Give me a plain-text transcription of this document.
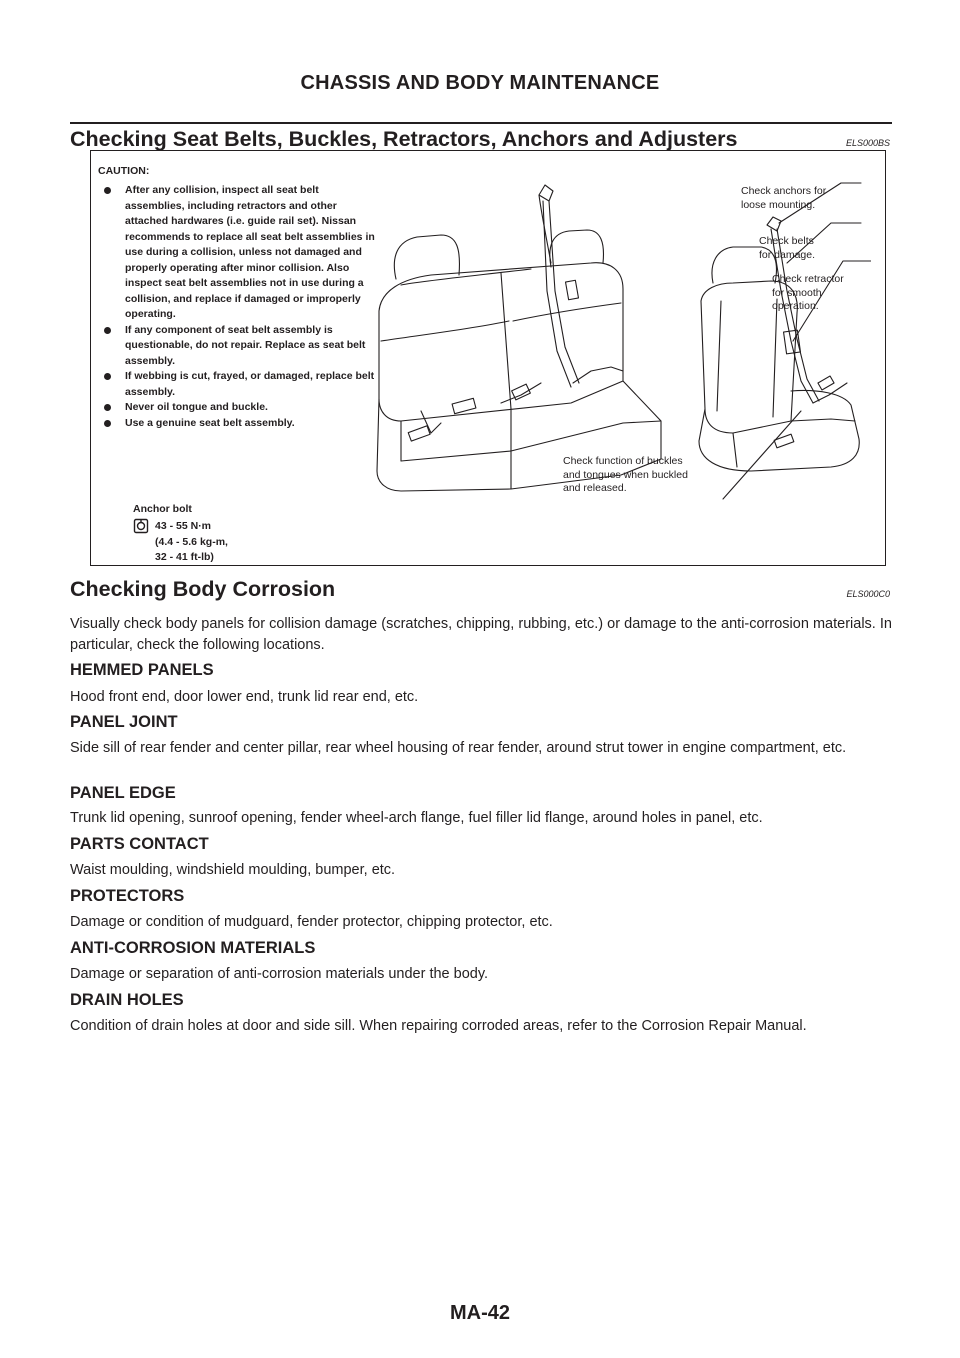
CHASSIS AND BODY MAINTENANCE
Checking Seat Belts, Buckles, Retractors, Anchors and Adjusters	ELS000BS
CAUTION:
After any collision, inspect all seat belt assemblies, including retractors and other attached hardwares (i.e. guide rail set). Nissan recommends to replace all seat belt assemblies in use during a collision, unless not damaged and properly operating after minor collision. Also inspect seat belt assemblies not in use during a collision, and replace if damaged or improperly operating.
If any component of seat belt assembly is questionable, do not repair. Replace as seat belt assembly.
If webbing is cut, frayed, or damaged, replace belt assembly.
Never oil tongue and buckle.
Use a genuine seat belt assembly.
Check anchors for
loose mounting.
Check belts
for damage.
Check retractor
for smooth
operation.
Check function of buckles
and tongues when buckled
and released.
Anchor bolt
43 - 55 N·m
(4.4 - 5.6 kg-m,
32 - 41 ft-lb)
Checking Body Corrosion	ELS000C0
Visually check body panels for collision damage (scratches, chipping, rubbing, etc.) or damage to the anti-corrosion materials. In particular, check the following locations.
HEMMED PANELS
Hood front end, door lower end, trunk lid rear end, etc.
PANEL JOINT
Side sill of rear fender and center pillar, rear wheel housing of rear fender, around strut tower in engine compartment, etc.
PANEL EDGE
Trunk lid opening, sunroof opening, fender wheel-arch flange, fuel filler lid flange, around holes in panel, etc.
PARTS CONTACT
Waist moulding, windshield moulding, bumper, etc.
PROTECTORS
Damage or condition of mudguard, fender protector, chipping protector, etc.
ANTI-CORROSION MATERIALS
Damage or separation of anti-corrosion materials under the body.
DRAIN HOLES
Condition of drain holes at door and side sill. When repairing corroded areas, refer to the Corrosion Repair Manual.
MA-42
